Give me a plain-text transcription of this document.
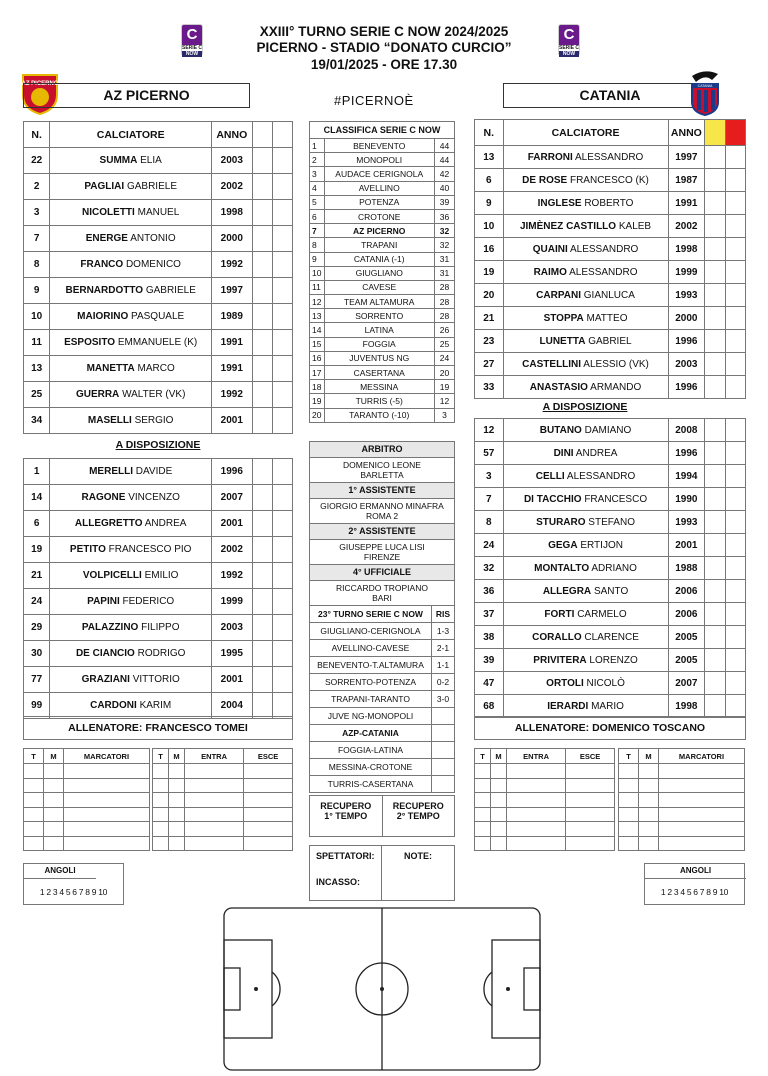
C
SERIE C
NOW
C
SERIE C
NOW
XXIII° TURNO SERIE C NOW 2024/2025
PICERNO - STADIO “DONATO CURCIO”
19/01/2025 - ORE 17.30
AZ PICERNO
AZ PICERNO	#PICERNOÈ	CATANIA
CATANIA
N.	CALCIATORE	ANNO		
22	SUMMA ELIA	2003		
2	PAGLIAI GABRIELE	2002		
3	NICOLETTI MANUEL	1998		
7	ENERGE ANTONIO	2000		
8	FRANCO DOMENICO	1992		
9	BERNARDOTTO GABRIELE	1997		
10	MAIORINO PASQUALE	1989		
11	ESPOSITO EMMANUELE (K)	1991		
13	MANETTA MARCO	1991		
25	GUERRA WALTER (VK)	1992		
34	MASELLI SERGIO	2001		
A DISPOSIZIONE
1	MERELLI DAVIDE	1996		
14	RAGONE VINCENZO	2007		
6	ALLEGRETTO ANDREA	2001		
19	PETITO FRANCESCO PIO	2002		
21	VOLPICELLI EMILIO	1992		
24	PAPINI FEDERICO	1999		
29	PALAZZINO FILIPPO	2003		
30	DE CIANCIO RODRIGO	1995		
77	GRAZIANI VITTORIO	2001		
99	CARDONI KARIM	2004		
ALLENATORE: FRANCESCO TOMEI
N.	CALCIATORE	ANNO		
13	FARRONI ALESSANDRO	1997		
6	DE ROSE FRANCESCO (K)	1987		
9	INGLESE ROBERTO	1991		
10	JIMÈNEZ CASTILLO KALEB	2002		
16	QUAINI ALESSANDRO	1998		
19	RAIMO ALESSANDRO	1999		
20	CARPANI GIANLUCA	1993		
21	STOPPA MATTEO	2000		
23	LUNETTA GABRIEL	1996		
27	CASTELLINI ALESSIO (VK)	2003		
33	ANASTASIO ARMANDO	1996		
A DISPOSIZIONE
12	BUTANO DAMIANO	2008		
57	DINI ANDREA	1996		
3	CELLI ALESSANDRO	1994		
7	DI TACCHIO FRANCESCO	1990		
8	STURARO STEFANO	1993		
24	GEGA ERTIJON	2001		
32	MONTALTO ADRIANO	1988		
36	ALLEGRA SANTO	2006		
37	FORTI CARMELO	2006		
38	CORALLO CLARENCE	2005		
39	PRIVITERA LORENZO	2005		
47	ORTOLI NICOLÒ	2007		
68	IERARDI MARIO	1998		
ALLENATORE: DOMENICO TOSCANO
CLASSIFICA SERIE C NOW		
1	BENEVENTO	44
2	MONOPOLI	44
3	AUDACE CERIGNOLA	42
4	AVELLINO	40
5	POTENZA	39
6	CROTONE	36
7	AZ PICERNO	32
8	TRAPANI	32
9	CATANIA (-1)	31
10	GIUGLIANO	31
11	CAVESE	28
12	TEAM ALTAMURA	28
13	SORRENTO	28
14	LATINA	26
15	FOGGIA	25
16	JUVENTUS NG	24
17	CASERTANA	20
18	MESSINA	19
19	TURRIS (-5)	12
20	TARANTO (-10)	3
ARBITRO
DOMENICO LEONE
BARLETTA
1° ASSISTENTE
GIORGIO ERMANNO MINAFRA
ROMA 2
2° ASSISTENTE
GIUSEPPE LUCA LISI
FIRENZE
4° UFFICIALE
RICCARDO TROPIANO
BARI
23° TURNO SERIE C NOW	RIS
GIUGLIANO-CERIGNOLA	1-3
AVELLINO-CAVESE	2-1
BENEVENTO-T.ALTAMURA	1-1
SORRENTO-POTENZA	0-2
TRAPANI-TARANTO	3-0
JUVE NG-MONOPOLI	
AZP-CATANIA	
FOGGIA-LATINA	
MESSINA-CROTONE	
TURRIS-CASERTANA	
RECUPERO
1° TEMPO
RECUPERO
2° TEMPO
SPETTATORI:
INCASSO:
NOTE:
T	M	MARCATORI

			T	M	ENTRA	ESCE

				T	M	ENTRA	ESCE

				T	M	MARCATORI

ANGOLI
1 2 3 4 5 6 7 8 9 10
ANGOLI
1 2 3 4 5 6 7 8 9 10
